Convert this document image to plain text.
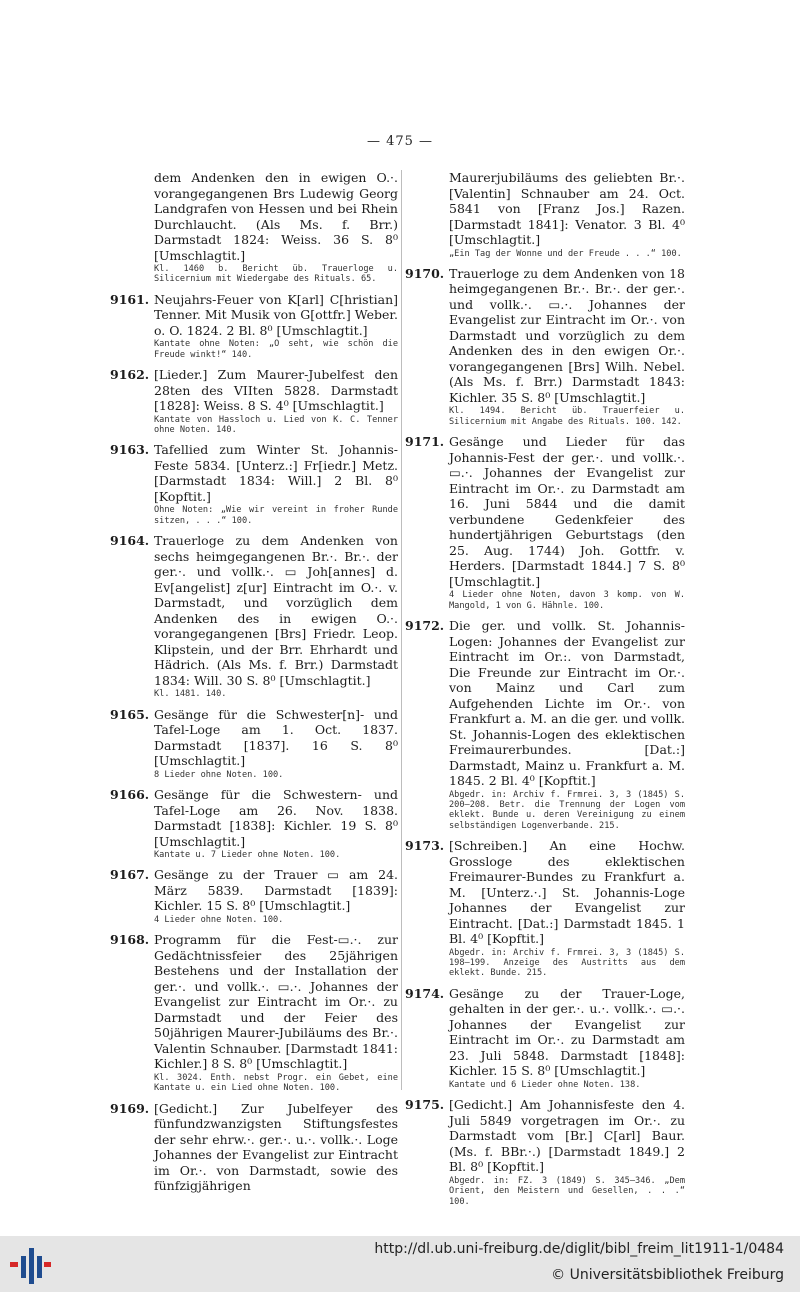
— 475 —
dem Andenken den in ewigen O.·. vorangegangenen Brs Ludewig Georg Landgrafen von Hessen und bei Rhein Durchlaucht. (Als Ms. f. Brr.) Darmstadt 1824: Weiss. 36 S. 8⁰ [Umschlagtit.]
Kl. 1460 b. Bericht üb. Trauerloge u. Silicernium mit Wiedergabe des Rituals. 65.
9161. Neujahrs-Feuer von K[arl] C[hristian] Tenner. Mit Musik von G[ottfr.] Weber. o. O. 1824. 2 Bl. 8⁰ [Umschlagtit.]
Kantate ohne Noten: „O seht, wie schön die Freude winkt!“ 140.
9162. [Lieder.] Zum Maurer-Jubelfest den 28ten des VIIten 5828. Darmstadt [1828]: Weiss. 8 S. 4⁰ [Umschlagtit.]
Kantate von Hassloch u. Lied von K. C. Tenner ohne Noten. 140.
9163. Tafellied zum Winter St. Johannis-Feste 5834. [Unterz.:] Fr[iedr.] Metz. [Darmstadt 1834: Will.] 2 Bl. 8⁰ [Kopftit.]
Ohne Noten: „Wie wir vereint in froher Runde sitzen, . . .“ 100.
9164. Trauerloge zu dem Andenken von sechs heimgegangenen Br.·. Br.·. der ger.·. und vollk.·. ▭ Joh[annes] d. Ev[angelist] z[ur] Eintracht im O.·. v. Darmstadt, und vorzüglich dem Andenken des in ewigen O.·. vorangegangenen [Brs] Friedr. Leop. Klipstein, und der Brr. Ehrhardt und Hädrich. (Als Ms. f. Brr.) Darmstadt 1834: Will. 30 S. 8⁰ [Umschlagtit.]
Kl. 1481. 140.
9165. Gesänge für die Schwester[n]- und Tafel-Loge am 1. Oct. 1837. Darmstadt [1837]. 16 S. 8⁰ [Umschlagtit.]
8 Lieder ohne Noten. 100.
9166. Gesänge für die Schwestern- und Tafel-Loge am 26. Nov. 1838. Darmstadt [1838]: Kichler. 19 S. 8⁰ [Umschlagtit.]
Kantate u. 7 Lieder ohne Noten. 100.
9167. Gesänge zu der Trauer ▭ am 24. März 5839. Darmstadt [1839]: Kichler. 15 S. 8⁰ [Umschlagtit.]
4 Lieder ohne Noten. 100.
9168. Programm für die Fest-▭.·. zur Gedächtnissfeier des 25jährigen Bestehens und der Installation der ger.·. und vollk.·. ▭.·. Johannes der Evangelist zur Eintracht im Or.·. zu Darmstadt und der Feier des 50jährigen Maurer-Jubiläums des Br.·. Valentin Schnauber. [Darmstadt 1841: Kichler.] 8 S. 8⁰ [Umschlagtit.]
Kl. 3024. Enth. nebst Progr. ein Gebet, eine Kantate u. ein Lied ohne Noten. 100.
9169. [Gedicht.] Zur Jubelfeyer des fünfundzwanzigsten Stiftungsfestes der sehr ehrw.·. ger.·. u.·. vollk.·. Loge Johannes der Evangelist zur Eintracht im Or.·. von Darmstadt, sowie des fünfzigjährigen
Maurerjubiläums des geliebten Br.·. [Valentin] Schnauber am 24. Oct. 5841 von [Franz Jos.] Razen. [Darmstadt 1841]: Venator. 3 Bl. 4⁰ [Umschlagtit.]
„Ein Tag der Wonne und der Freude . . .“ 100.
9170. Trauerloge zu dem Andenken von 18 heimgegangenen Br.·. Br.·. der ger.·. und vollk.·. ▭.·. Johannes der Evangelist zur Eintracht im Or.·. von Darmstadt und vorzüglich zu dem Andenken des in den ewigen Or.·. vorangegangenen [Brs] Wilh. Nebel. (Als Ms. f. Brr.) Darmstadt 1843: Kichler. 35 S. 8⁰ [Umschlagtit.]
Kl. 1494. Bericht üb. Trauerfeier u. Silicernium mit Angabe des Rituals. 100. 142.
9171. Gesänge und Lieder für das Johannis-Fest der ger.·. und vollk.·. ▭.·. Johannes der Evangelist zur Eintracht im Or.·. zu Darmstadt am 16. Juni 5844 und die damit verbundene Gedenkfeier des hundertjährigen Geburtstags (den 25. Aug. 1744) Joh. Gottfr. v. Herders. [Darmstadt 1844.] 7 S. 8⁰ [Umschlagtit.]
4 Lieder ohne Noten, davon 3 komp. von W. Mangold, 1 von G. Hähnle. 100.
9172. Die ger. und vollk. St. Johannis-Logen: Johannes der Evangelist zur Eintracht im Or.:. von Darmstadt, Die Freunde zur Eintracht im Or.·. von Mainz und Carl zum Aufgehenden Lichte im Or.·. von Frankfurt a. M. an die ger. und vollk. St. Johannis-Logen des eklektischen Freimaurerbundes. [Dat.:] Darmstadt, Mainz u. Frankfurt a. M. 1845. 2 Bl. 4⁰ [Kopftit.]
Abgedr. in: Archiv f. Frmrei. 3, 3 (1845) S. 200–208. Betr. die Trennung der Logen vom eklekt. Bunde u. deren Vereinigung zu einem selbständigen Logenverbande. 215.
9173. [Schreiben.] An eine Hochw. Grossloge des eklektischen Freimaurer-Bundes zu Frankfurt a. M. [Unterz.·.] St. Johannis-Loge Johannes der Evangelist zur Eintracht. [Dat.:] Darmstadt 1845. 1 Bl. 4⁰ [Kopftit.]
Abgedr. in: Archiv f. Frmrei. 3, 3 (1845) S. 198–199. Anzeige des Austritts aus dem eklekt. Bunde. 215.
9174. Gesänge zu der Trauer-Loge, gehalten in der ger.·. u.·. vollk.·. ▭.·. Johannes der Evangelist zur Eintracht im Or.·. zu Darmstadt am 23. Juli 5848. Darmstadt [1848]: Kichler. 15 S. 8⁰ [Umschlagtit.]
Kantate und 6 Lieder ohne Noten. 138.
9175. [Gedicht.] Am Johannisfeste den 4. Juli 5849 vorgetragen im Or.·. zu Darmstadt vom [Br.] C[arl] Baur. (Ms. f. BBr.·.) [Darmstadt 1849.] 2 Bl. 8⁰ [Kopftit.]
Abgedr. in: FZ. 3 (1849) S. 345–346. „Dem Orient, den Meistern und Gesellen, . . .“ 100.
http://dl.ub.uni-freiburg.de/diglit/bibl_freim_lit1911-1/0484
© Universitätsbibliothek Freiburg
